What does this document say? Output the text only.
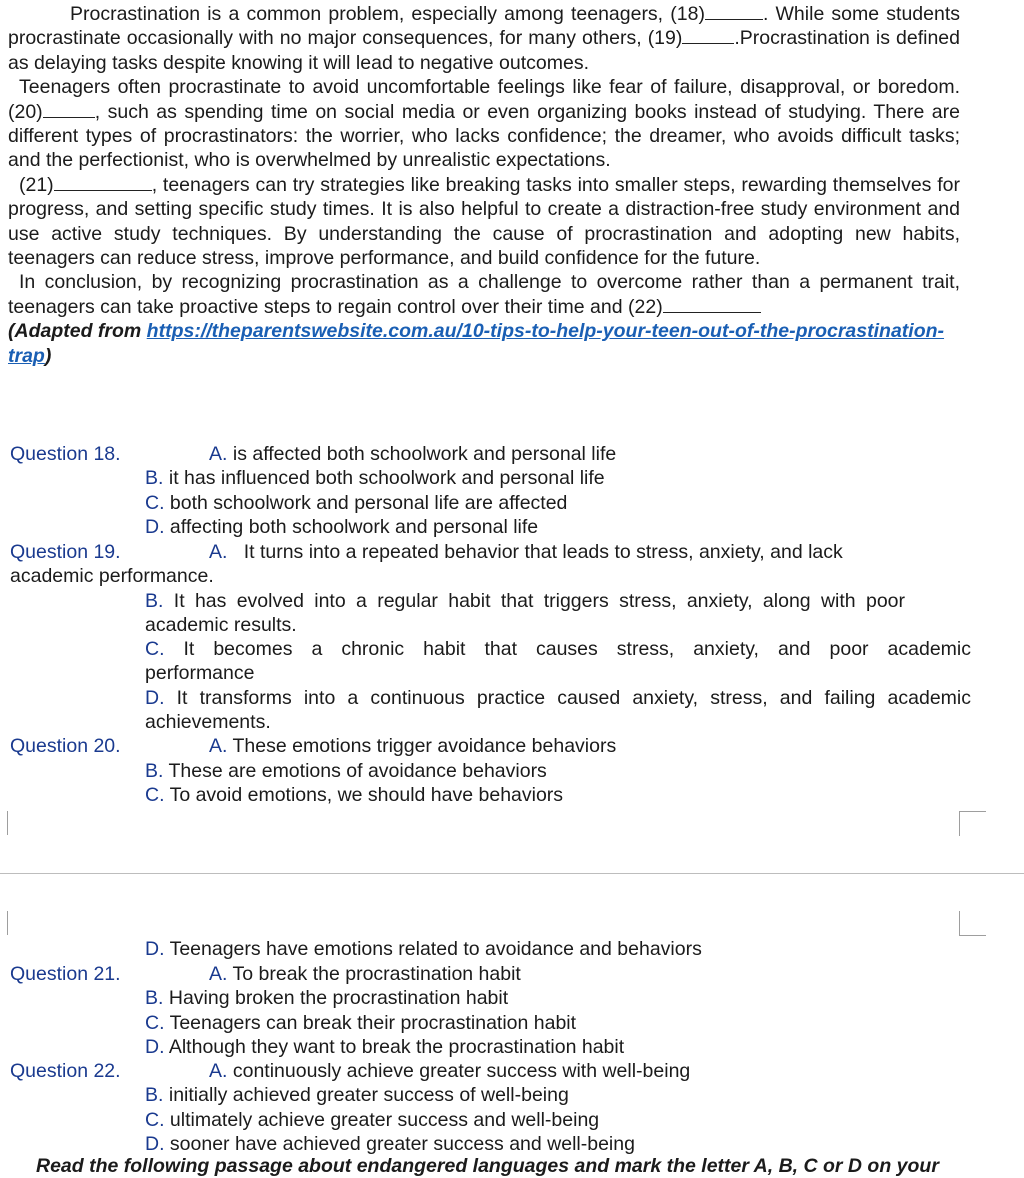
Procrastination is a common problem, especially among teenagers, (18)	. While some students procrastinate occasionally with no major consequences, for many others, (19)	.Procrastination is defined as delaying tasks despite knowing it will lead to negative outcomes.

Teenagers often procrastinate to avoid uncomfortable feelings like fear of failure, disapproval, or boredom. (20)	, such as spending time on social media or even organizing books instead of studying. There are different types of procrastinators: the worrier, who lacks confidence; the dreamer, who avoids difficult tasks; and the perfectionist, who is overwhelmed by unrealistic expectations.

(21)	, teenagers can try strategies like breaking tasks into smaller steps, rewarding themselves for progress, and setting specific study times. It is also helpful to create a distraction-free study environment and use active study techniques. By understanding the cause of procrastination and adopting new habits, teenagers can reduce stress, improve performance, and build confidence for the future.

In conclusion, by recognizing procrastination as a challenge to overcome rather than a permanent trait, teenagers can take proactive steps to regain control over their time and (22)

(Adapted from https://theparentswebsite.com.au/10-tips-to-help-your-teen-out-of-the-procrastination-trap)

Question 18.	A. is affected both schoolwork and personal life
B. it has influenced both schoolwork and personal life
C. both schoolwork and personal life are affected
D. affecting both schoolwork and personal life
Question 19.	A. It turns into a repeated behavior that leads to stress, anxiety, and lack
academic performance.
B. It has evolved into a regular habit that triggers stress, anxiety, along with poor academic results.
C. It becomes a chronic habit that causes stress, anxiety, and poor academic performance
D. It transforms into a continuous practice caused anxiety, stress, and failing academic achievements.
Question 20.	A. These emotions trigger avoidance behaviors
B. These are emotions of avoidance behaviors
C. To avoid emotions, we should have behaviors
D. Teenagers have emotions related to avoidance and behaviors
Question 21.	A. To break the procrastination habit
B. Having broken the procrastination habit
C. Teenagers can break their procrastination habit
D. Although they want to break the procrastination habit
Question 22.	A. continuously achieve greater success with well-being
B. initially achieved greater success of well-being
C. ultimately achieve greater success and well-being
D. sooner have achieved greater success and well-being
Read the following passage about endangered languages and mark the letter A, B, C or D on your
